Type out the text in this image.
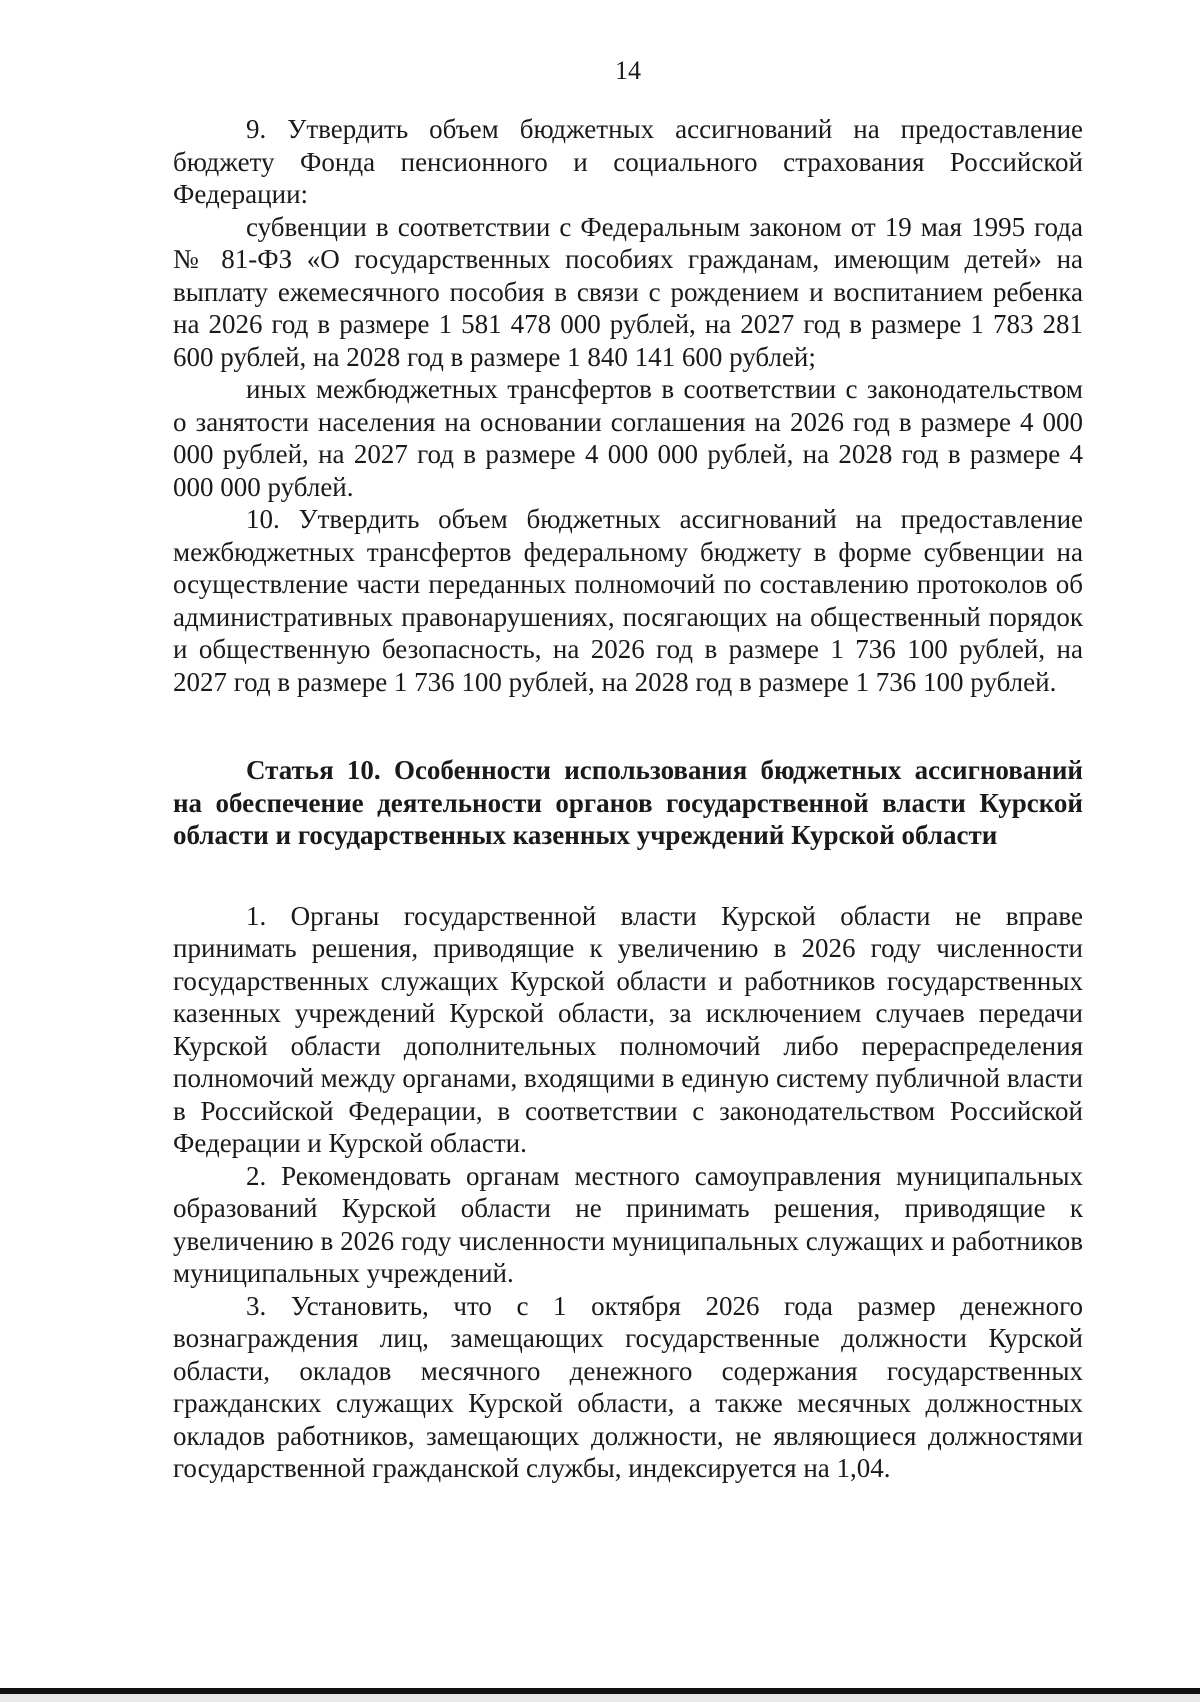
14

9. Утвердить объем бюджетных ассигнований на предоставление бюджету Фонда пенсионного и социального страхования Российской Федерации:

субвенции в соответствии с Федеральным законом от 19 мая 1995 года № 81-ФЗ «О государственных пособиях гражданам, имеющим детей» на выплату ежемесячного пособия в связи с рождением и воспитанием ребенка на 2026 год в размере 1 581 478 000 рублей, на 2027 год в размере 1 783 281 600 рублей, на 2028 год в размере 1 840 141 600 рублей;

иных межбюджетных трансфертов в соответствии с законодательством о занятости населения на основании соглашения на 2026 год в размере 4 000 000 рублей, на 2027 год в размере 4 000 000 рублей, на 2028 год в размере 4 000 000 рублей.

10. Утвердить объем бюджетных ассигнований на предоставление межбюджетных трансфертов федеральному бюджету в форме субвенции на осуществление части переданных полномочий по составлению протоколов об административных правонарушениях, посягающих на общественный порядок и общественную безопасность, на 2026 год в размере 1 736 100 рублей, на 2027 год в размере 1 736 100 рублей, на 2028 год в размере 1 736 100 рублей.

Статья 10. Особенности использования бюджетных ассигнований на обеспечение деятельности органов государственной власти Курской области и государственных казенных учреждений Курской области

1. Органы государственной власти Курской области не вправе принимать решения, приводящие к увеличению в 2026 году численности государственных служащих Курской области и работников государственных казенных учреждений Курской области, за исключением случаев передачи Курской области дополнительных полномочий либо перераспределения полномочий между органами, входящими в единую систему публичной власти в Российской Федерации, в соответствии с законодательством Российской Федерации и Курской области.

2. Рекомендовать органам местного самоуправления муниципальных образований Курской области не принимать решения, приводящие к увеличению в 2026 году численности муниципальных служащих и работников муниципальных учреждений.

3. Установить, что с 1 октября 2026 года размер денежного вознаграждения лиц, замещающих государственные должности Курской области, окладов месячного денежного содержания государственных гражданских служащих Курской области, а также месячных должностных окладов работников, замещающих должности, не являющиеся должностями государственной гражданской службы, индексируется на 1,04.
